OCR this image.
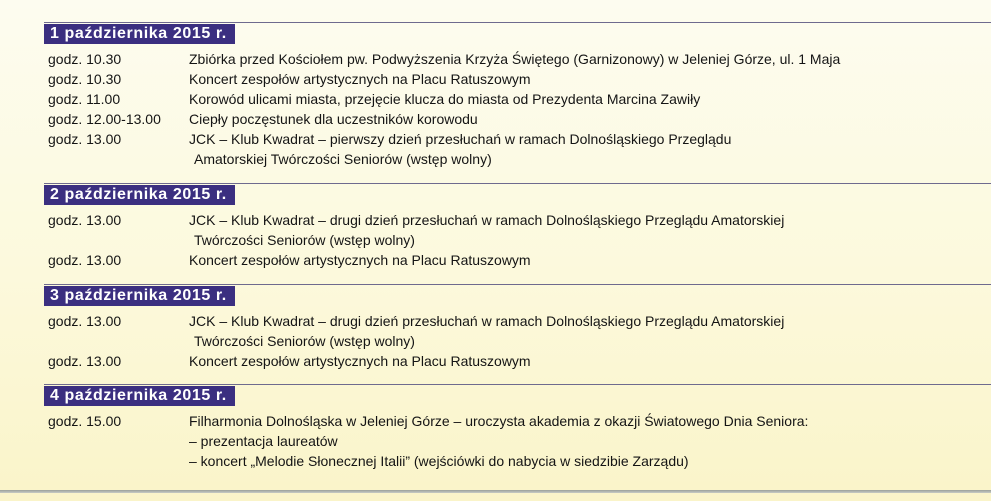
1 października 2015 r.
godz. 10.30	Zbiórka przed Kościołem pw. Podwyższenia Krzyża Świętego (Garnizonowy) w Jeleniej Górze, ul. 1 Maja
godz. 10.30	Koncert zespołów artystycznych na Placu Ratuszowym
godz. 11.00	Korowód ulicami miasta, przejęcie klucza do miasta od Prezydenta Marcina Zawiły
godz. 12.00-13.00 Ciepły poczęstunek dla uczestników korowodu
godz. 13.00	JCK – Klub Kwadrat – pierwszy dzień przesłuchań w ramach Dolnośląskiego Przeglądu
Amatorskiej Twórczości Seniorów (wstęp wolny)
2 października 2015 r.
godz. 13.00	JCK – Klub Kwadrat – drugi dzień przesłuchań w ramach Dolnośląskiego Przeglądu Amatorskiej
Twórczości Seniorów (wstęp wolny)
godz. 13.00	Koncert zespołów artystycznych na Placu Ratuszowym
3 października 2015 r.
godz. 13.00	JCK – Klub Kwadrat – drugi dzień przesłuchań w ramach Dolnośląskiego Przeglądu Amatorskiej
Twórczości Seniorów (wstęp wolny)
godz. 13.00	Koncert zespołów artystycznych na Placu Ratuszowym
4 października 2015 r.
godz. 15.00	Filharmonia Dolnośląska w Jeleniej Górze – uroczysta akademia z okazji Światowego Dnia Seniora:
– prezentacja laureatów
– koncert „Melodie Słonecznej Italii” (wejściówki do nabycia w siedzibie Zarządu)
